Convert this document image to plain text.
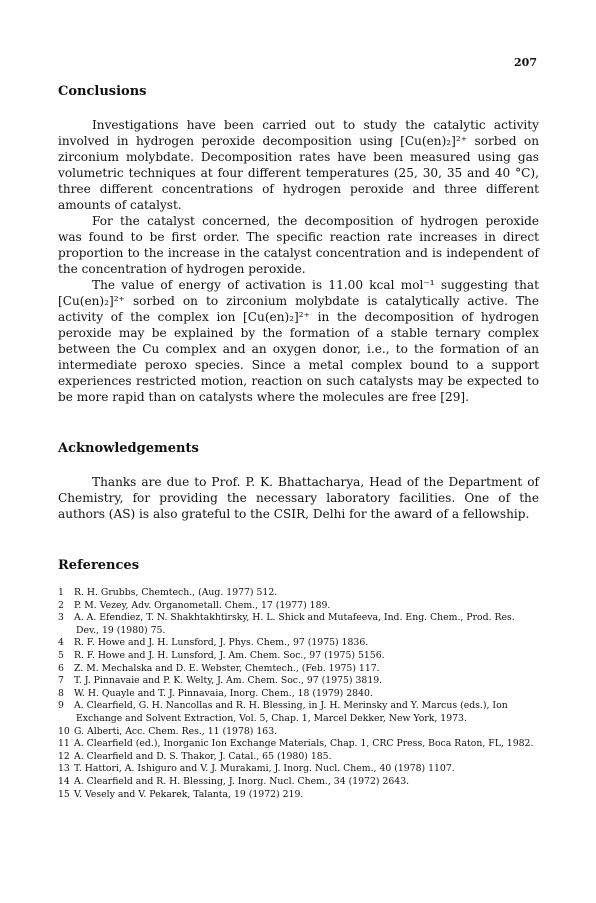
207
Conclusions

Investigations have been carried out to study the catalytic activity involved in hydrogen peroxide decomposition using [Cu(en)₂]²⁺ sorbed on zirconium molybdate. Decomposition rates have been measured using gas volumetric techniques at four different temperatures (25, 30, 35 and 40 °C), three different concentrations of hydrogen peroxide and three different amounts of catalyst.

For the catalyst concerned, the decomposition of hydrogen peroxide was found to be first order. The specific reaction rate increases in direct proportion to the increase in the catalyst concentration and is independent of the concentration of hydrogen peroxide.

The value of energy of activation is 11.00 kcal mol⁻¹ suggesting that [Cu(en)₂]²⁺ sorbed on to zirconium molybdate is catalytically active. The activity of the complex ion [Cu(en)₂]²⁺ in the decomposition of hydrogen peroxide may be explained by the formation of a stable ternary complex between the Cu complex and an oxygen donor, i.e., to the formation of an intermediate peroxo species. Since a metal complex bound to a support experiences restricted motion, reaction on such catalysts may be expected to be more rapid than on catalysts where the molecules are free [29].

Acknowledgements

Thanks are due to Prof. P. K. Bhattacharya, Head of the Department of Chemistry, for providing the necessary laboratory facilities. One of the authors (AS) is also grateful to the CSIR, Delhi for the award of a fellowship.

References
1 R. H. Grubbs, Chemtech., (Aug. 1977) 512.
2 P. M. Vezey, Adv. Organometall. Chem., 17 (1977) 189.
3 A. A. Efendiez, T. N. Shakhtakhtirsky, H. L. Shick and Mutafeeva, Ind. Eng. Chem., Prod. Res. Dev., 19 (1980) 75.
4 R. F. Howe and J. H. Lunsford, J. Phys. Chem., 97 (1975) 1836.
5 R. F. Howe and J. H. Lunsford, J. Am. Chem. Soc., 97 (1975) 5156.
6 Z. M. Mechalska and D. E. Webster, Chemtech., (Feb. 1975) 117.
7 T. J. Pinnavaie and P. K. Welty, J. Am. Chem. Soc., 97 (1975) 3819.
8 W. H. Quayle and T. J. Pinnavaia, Inorg. Chem., 18 (1979) 2840.
9 A. Clearfield, G. H. Nancollas and R. H. Blessing, in J. H. Merinsky and Y. Marcus (eds.), Ion Exchange and Solvent Extraction, Vol. 5, Chap. 1, Marcel Dekker, New York, 1973.
10 G. Alberti, Acc. Chem. Res., 11 (1978) 163.
11 A. Clearfield (ed.), Inorganic Ion Exchange Materials, Chap. 1, CRC Press, Boca Raton, FL, 1982.
12 A. Clearfield and D. S. Thakor, J. Catal., 65 (1980) 185.
13 T. Hattori, A. Ishiguro and V. J. Murakami, J. Inorg. Nucl. Chem., 40 (1978) 1107.
14 A. Clearfield and R. H. Blessing, J. Inorg. Nucl. Chem., 34 (1972) 2643.
15 V. Vesely and V. Pekarek, Talanta, 19 (1972) 219.
